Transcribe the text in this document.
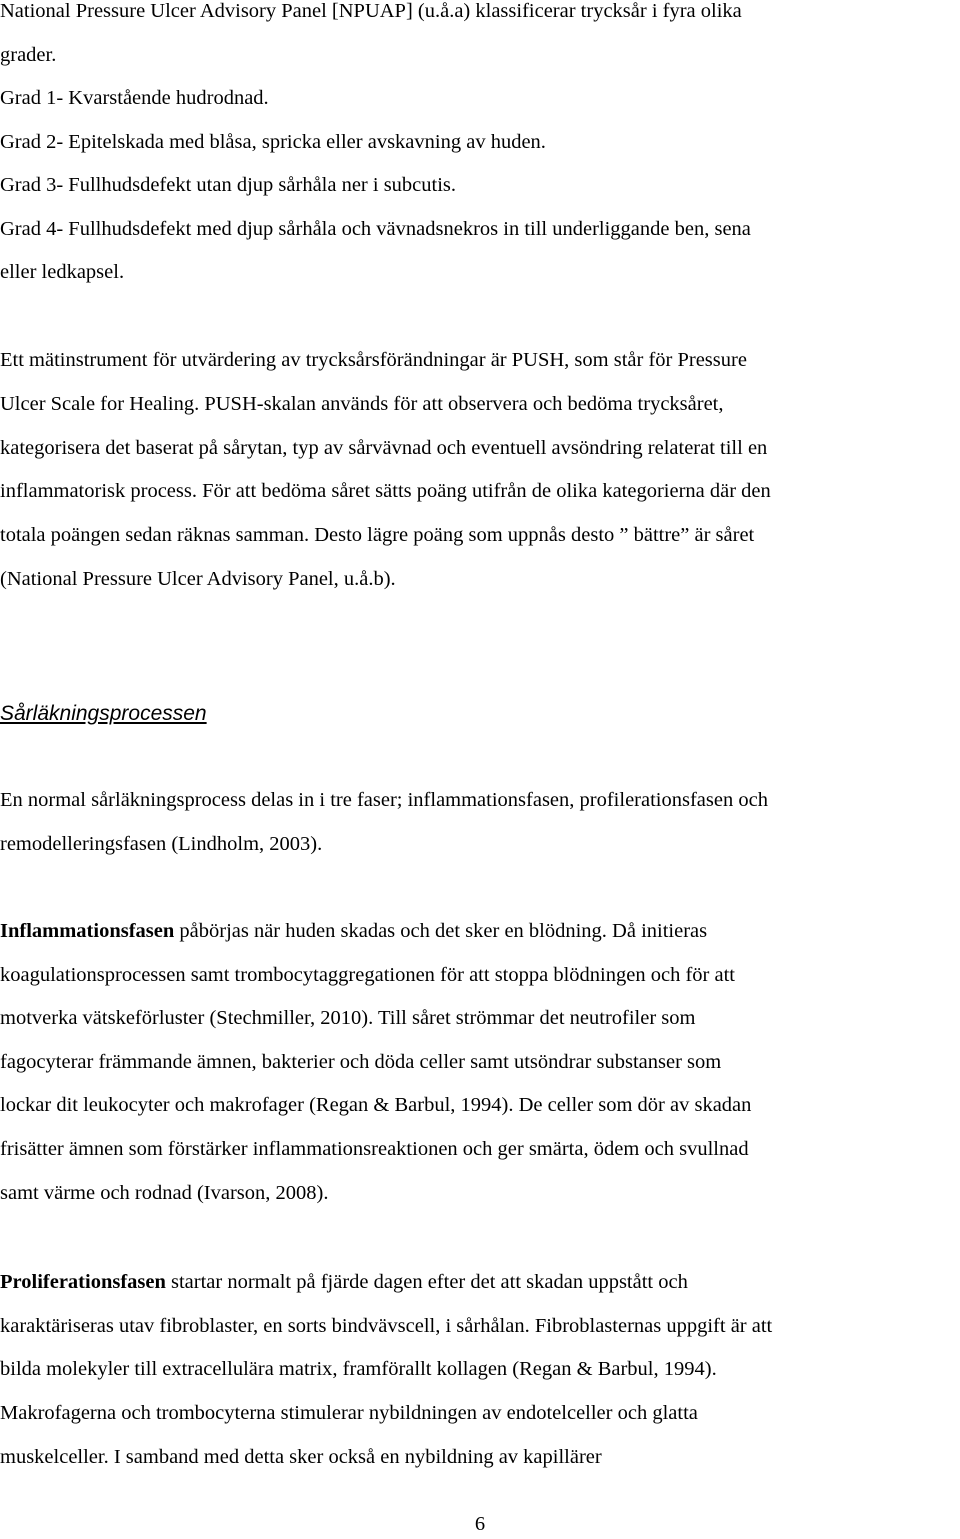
National Pressure Ulcer Advisory Panel [NPUAP] (u.å.a) klassificerar trycksår i fyra olika
grader.
Grad 1- Kvarstående hudrodnad.
Grad 2- Epitelskada med blåsa, spricka eller avskavning av huden.
Grad 3- Fullhudsdefekt utan djup sårhåla ner i subcutis.
Grad 4- Fullhudsdefekt med djup sårhåla och vävnadsnekros in till underliggande ben, sena
eller ledkapsel.
Ett mätinstrument för utvärdering av trycksårsförändningar är PUSH, som står för Pressure
Ulcer Scale for Healing. PUSH-skalan används för att observera och bedöma trycksåret,
kategorisera det baserat på sårytan, typ av sårvävnad och eventuell avsöndring relaterat till en
inflammatorisk process. För att bedöma såret sätts poäng utifrån de olika kategorierna där den
totala poängen sedan räknas samman. Desto lägre poäng som uppnås desto ” bättre” är såret
(National Pressure Ulcer Advisory Panel, u.å.b).
Sårläkningsprocessen
En normal sårläkningsprocess delas in i tre faser; inflammationsfasen, profilerationsfasen och
remodelleringsfasen (Lindholm, 2003).
Inflammationsfasen påbörjas när huden skadas och det sker en blödning. Då initieras
koagulationsprocessen samt trombocytaggregationen för att stoppa blödningen och för att
motverka vätskeförluster (Stechmiller, 2010). Till såret strömmar det neutrofiler som
fagocyterar främmande ämnen, bakterier och döda celler samt utsöndrar substanser som
lockar dit leukocyter och makrofager (Regan & Barbul, 1994). De celler som dör av skadan
frisätter ämnen som förstärker inflammationsreaktionen och ger smärta, ödem och svullnad
samt värme och rodnad (Ivarson, 2008).
Proliferationsfasen startar normalt på fjärde dagen efter det att skadan uppstått och
karaktäriseras utav fibroblaster, en sorts bindvävscell, i sårhålan. Fibroblasternas uppgift är att
bilda molekyler till extracellulära matrix, framförallt kollagen (Regan & Barbul, 1994).
Makrofagerna och trombocyterna stimulerar nybildningen av endotelceller och glatta
muskelceller. I samband med detta sker också en nybildning av kapillärer
6
